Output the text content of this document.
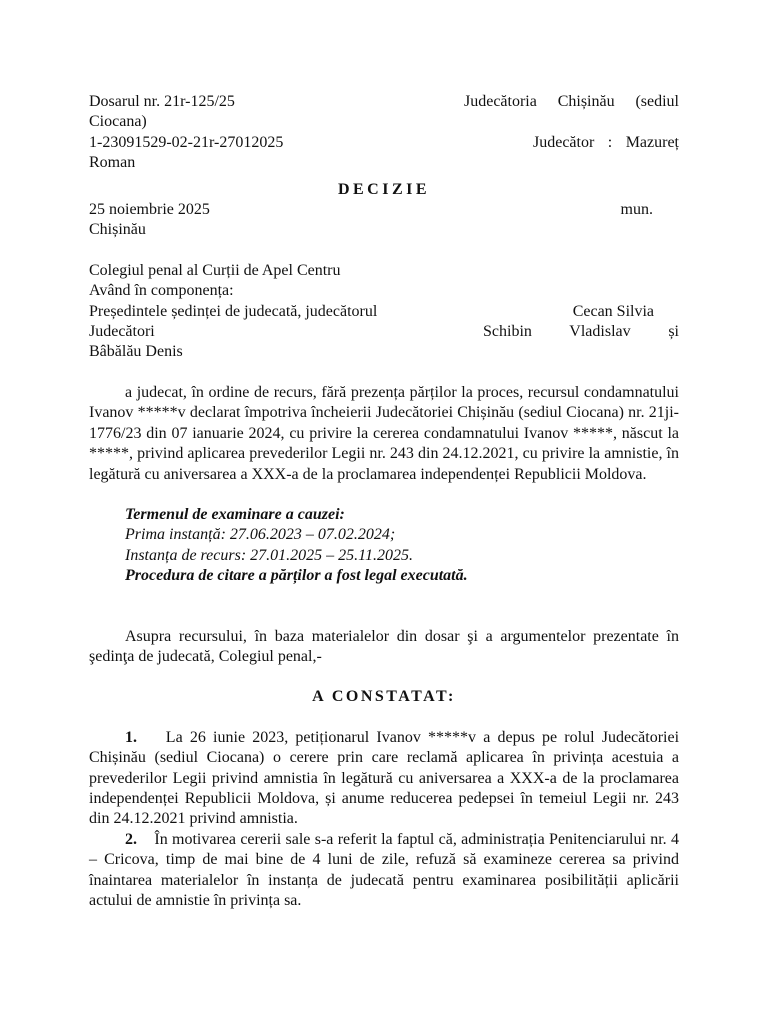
Dosarul nr. 21r-125/25	Judecătoria Chișinău (sediul
Ciocana)
1-23091529-02-21r-27012025	Judecător : Mazureț
Roman
DECIZIE
25 noiembrie 2025	mun.
Chișinău
Colegiul penal al Curții de Apel Centru
Având în componența:
Președintele ședinței de judecată, judecătorul	Cecan Silvia
Judecători	Schibin Vladislav și
Bâbălău Denis
a judecat, în ordine de recurs, fără prezența părților la proces, recursul condamnatului Ivanov *****v declarat împotriva încheierii Judecătoriei Chișinău (sediul Ciocana) nr. 21ji-1776/23 din 07 ianuarie 2024, cu privire la cererea condamnatului Ivanov *****, născut la *****, privind aplicarea prevederilor Legii nr. 243 din 24.12.2021, cu privire la amnistie, în legătură cu aniversarea a XXX-a de la proclamarea independenței Republicii Moldova.
Termenul de examinare a cauzei:
Prima instanță: 27.06.2023 – 07.02.2024;
Instanța de recurs: 27.01.2025 – 25.11.2025.
Procedura de citare a părților a fost legal executată.
Asupra recursului, în baza materialelor din dosar şi a argumentelor prezentate în şedinţa de judecată, Colegiul penal,-
A CONSTATAT:
1. La 26 iunie 2023, petiționarul Ivanov *****v a depus pe rolul Judecătoriei Chișinău (sediul Ciocana) o cerere prin care reclamă aplicarea în privința acestuia a prevederilor Legii privind amnistia în legătură cu aniversarea a XXX-a de la proclamarea independenței Republicii Moldova, și anume reducerea pedepsei în temeiul Legii nr. 243 din 24.12.2021 privind amnistia.
2. În motivarea cererii sale s-a referit la faptul că, administrația Penitenciarului nr. 4 – Cricova, timp de mai bine de 4 luni de zile, refuză să examineze cererea sa privind înaintarea materialelor în instanța de judecată pentru examinarea posibilității aplicării actului de amnistie în privința sa.
